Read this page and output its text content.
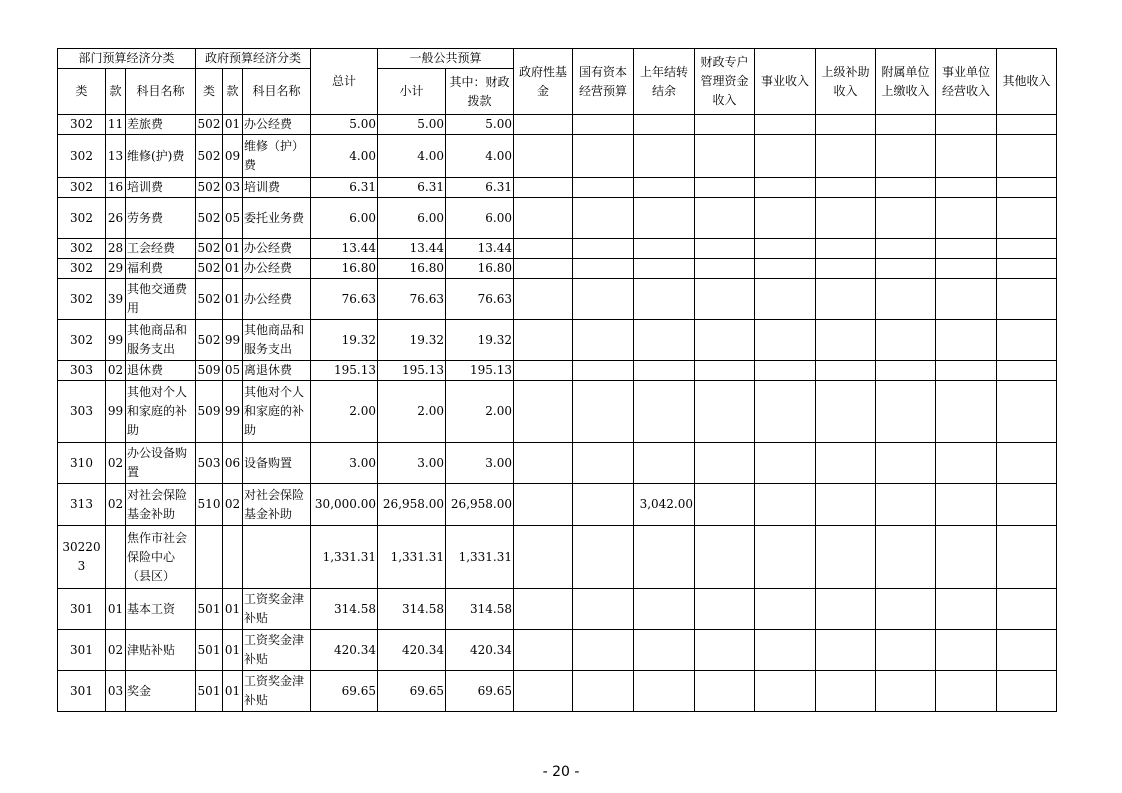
部门预算经济分类			政府预算经济分类			总计	一般公共预算		政府性基金	国有资本经营预算	上年结转结余	财政专户管理资金收入	事业收入	上级补助收入	附属单位上缴收入	事业单位经营收入	其他收入
类	款	科目名称	类	款	科目名称		小计	其中：财政拨款									
302	11	差旅费	502	01	办公经费	5.00	5.00	5.00									
302	13	维修(护)费	502	09	维修（护）费	4.00	4.00	4.00									
302	16	培训费	502	03	培训费	6.31	6.31	6.31									
302	26	劳务费	502	05	委托业务费	6.00	6.00	6.00									
302	28	工会经费	502	01	办公经费	13.44	13.44	13.44									
302	29	福利费	502	01	办公经费	16.80	16.80	16.80									
302	39	其他交通费用	502	01	办公经费	76.63	76.63	76.63									
302	99	其他商品和服务支出	502	99	其他商品和服务支出	19.32	19.32	19.32									
303	02	退休费	509	05	离退休费	195.13	195.13	195.13									
303	99	其他对个人和家庭的补助	509	99	其他对个人和家庭的补助	2.00	2.00	2.00									
310	02	办公设备购置	503	06	设备购置	3.00	3.00	3.00									
313	02	对社会保险基金补助	510	02	对社会保险基金补助	30,000.00	26,958.00	26,958.00			3,042.00						
302203		焦作市社会保险中心（县区）				1,331.31	1,331.31	1,331.31									
301	01	基本工资	501	01	工资奖金津补贴	314.58	314.58	314.58									
301	02	津贴补贴	501	01	工资奖金津补贴	420.34	420.34	420.34									
301	03	奖金	501	01	工资奖金津补贴	69.65	69.65	69.65									
- 20 -
